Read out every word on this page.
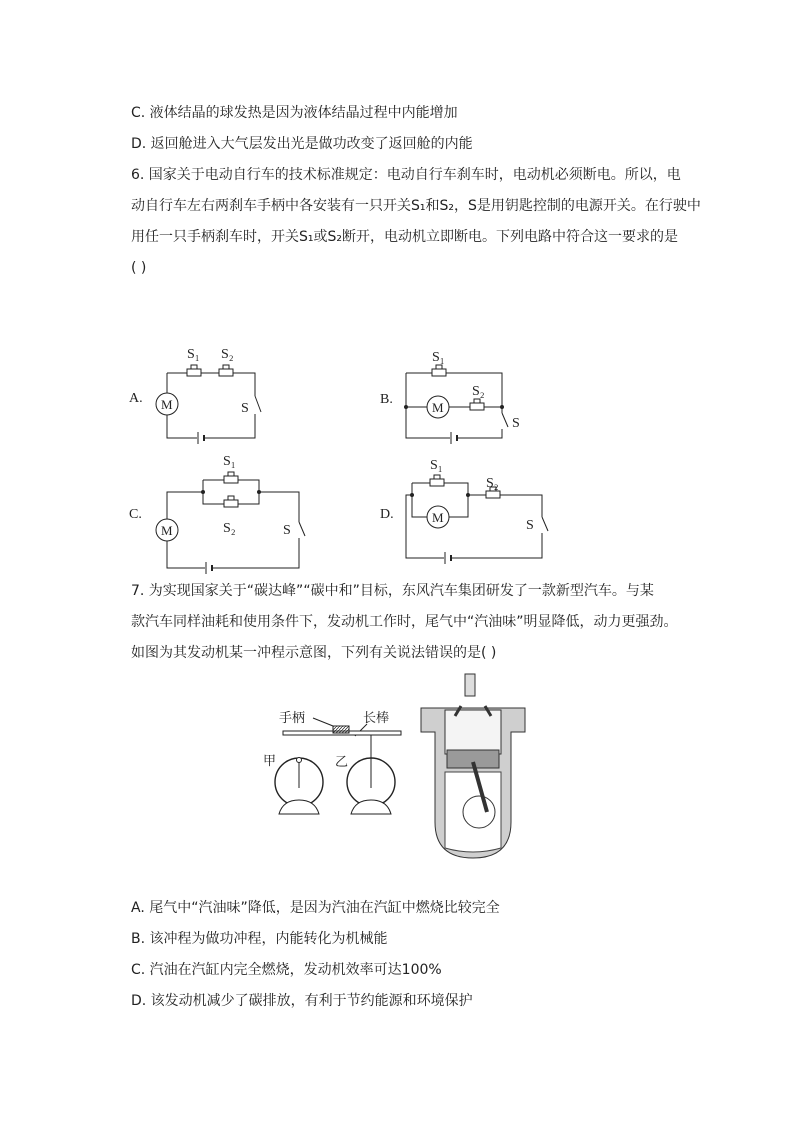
C. 液体结晶的球发热是因为液体结晶过程中内能增加
D. 返回舱进入大气层发出光是做功改变了返回舱的内能
6. 国家关于电动自行车的技术标准规定：电动自行车刹车时，电动机必须断电。所以，电
动自行车左右两刹车手柄中各安装有一只开关S₁和S₂，S是用钥匙控制的电源开关。在行驶中
用任一只手柄刹车时，开关S₁或S₂断开，电动机立即断电。下列电路中符合这一要求的是
( )
A.
S₁ S₂
M	S
B.
S₁
M
S₂
S
C.
S₁
S₂
M	S
D.
S₁
M
S₂
S
7. 为实现国家关于“碳达峰”“碳中和”目标，东风汽车集团研发了一款新型汽车。与某
款汽车同样油耗和使用条件下，发动机工作时，尾气中“汽油味”明显降低，动力更强劲。
如图为其发动机某一冲程示意图，下列有关说法错误的是( )
手柄	长棒
甲	乙
A. 尾气中“汽油味”降低，是因为汽油在汽缸中燃烧比较完全
B. 该冲程为做功冲程，内能转化为机械能
C. 汽油在汽缸内完全燃烧，发动机效率可达100%
D. 该发动机减少了碳排放，有利于节约能源和环境保护
